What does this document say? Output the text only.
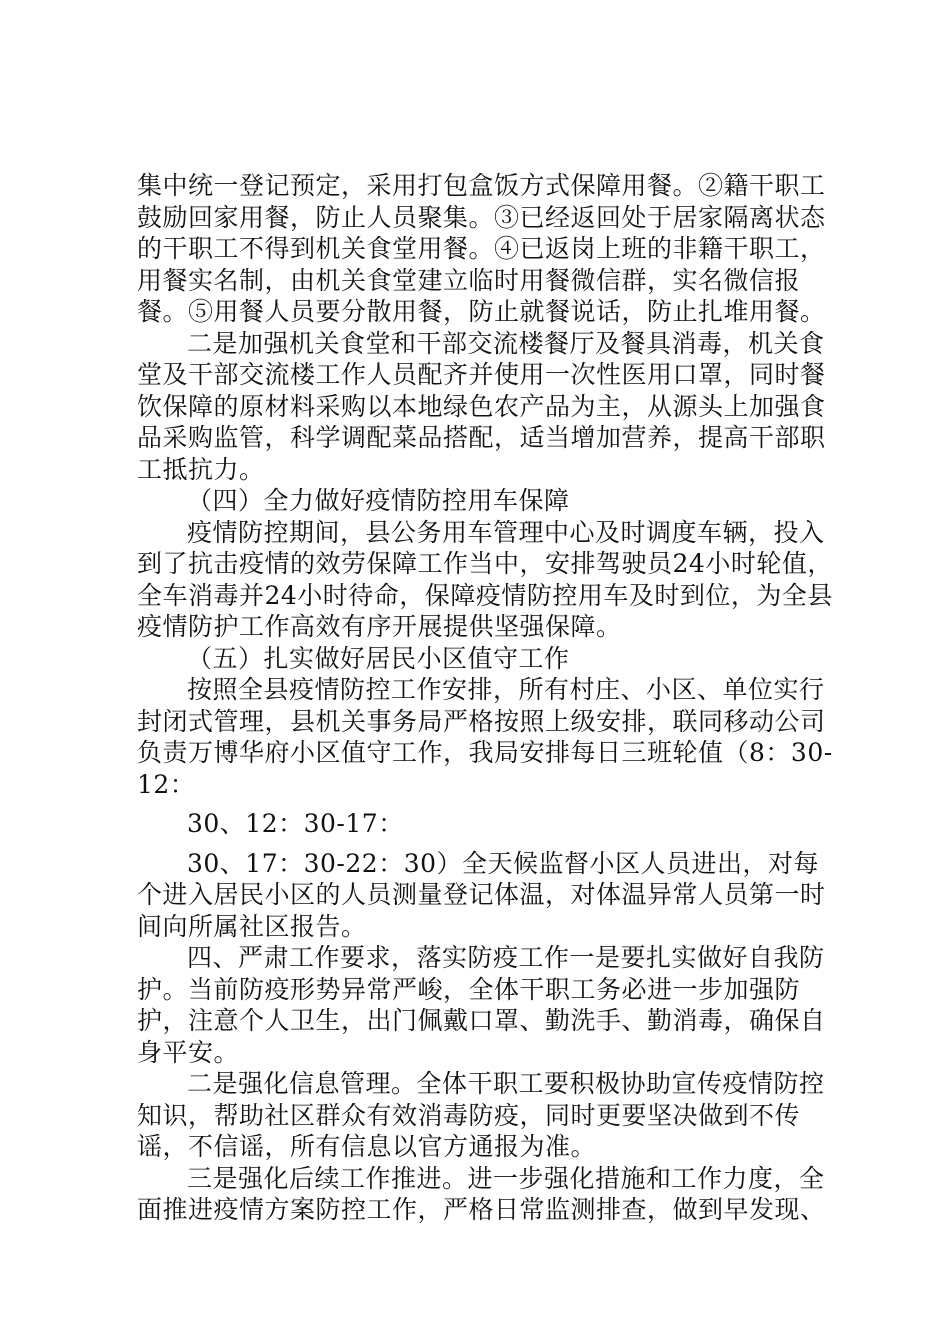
集中统一登记预定，采用打包盒饭方式保障用餐。②籍干职工鼓励回家用餐，防止人员聚集。③已经返回处于居家隔离状态的干职工不得到机关食堂用餐。④已返岗上班的非籍干职工，用餐实名制，由机关食堂建立临时用餐微信群，实名微信报餐。⑤用餐人员要分散用餐，防止就餐说话，防止扎堆用餐。

二是加强机关食堂和干部交流楼餐厅及餐具消毒，机关食堂及干部交流楼工作人员配齐并使用一次性医用口罩，同时餐饮保障的原材料采购以本地绿色农产品为主，从源头上加强食品采购监管，科学调配菜品搭配，适当增加营养，提高干部职工抵抗力。

（四）全力做好疫情防控用车保障

疫情防控期间，县公务用车管理中心及时调度车辆，投入到了抗击疫情的效劳保障工作当中，安排驾驶员24小时轮值，全车消毒并24小时待命，保障疫情防控用车及时到位，为全县疫情防护工作高效有序开展提供坚强保障。

（五）扎实做好居民小区值守工作

按照全县疫情防控工作安排，所有村庄、小区、单位实行封闭式管理，县机关事务局严格按照上级安排，联同移动公司负责万博华府小区值守工作，我局安排每日三班轮值（8：30-12：

30、12：30-17：

30、17：30-22：30）全天候监督小区人员进出，对每个进入居民小区的人员测量登记体温，对体温异常人员第一时间向所属社区报告。

四、严肃工作要求，落实防疫工作一是要扎实做好自我防护。当前防疫形势异常严峻，全体干职工务必进一步加强防护，注意个人卫生，出门佩戴口罩、勤洗手、勤消毒，确保自身平安。

二是强化信息管理。全体干职工要积极协助宣传疫情防控知识，帮助社区群众有效消毒防疫，同时更要坚决做到不传谣，不信谣，所有信息以官方通报为准。

三是强化后续工作推进。进一步强化措施和工作力度，全面推进疫情方案防控工作，严格日常监测排查，做到早发现、
